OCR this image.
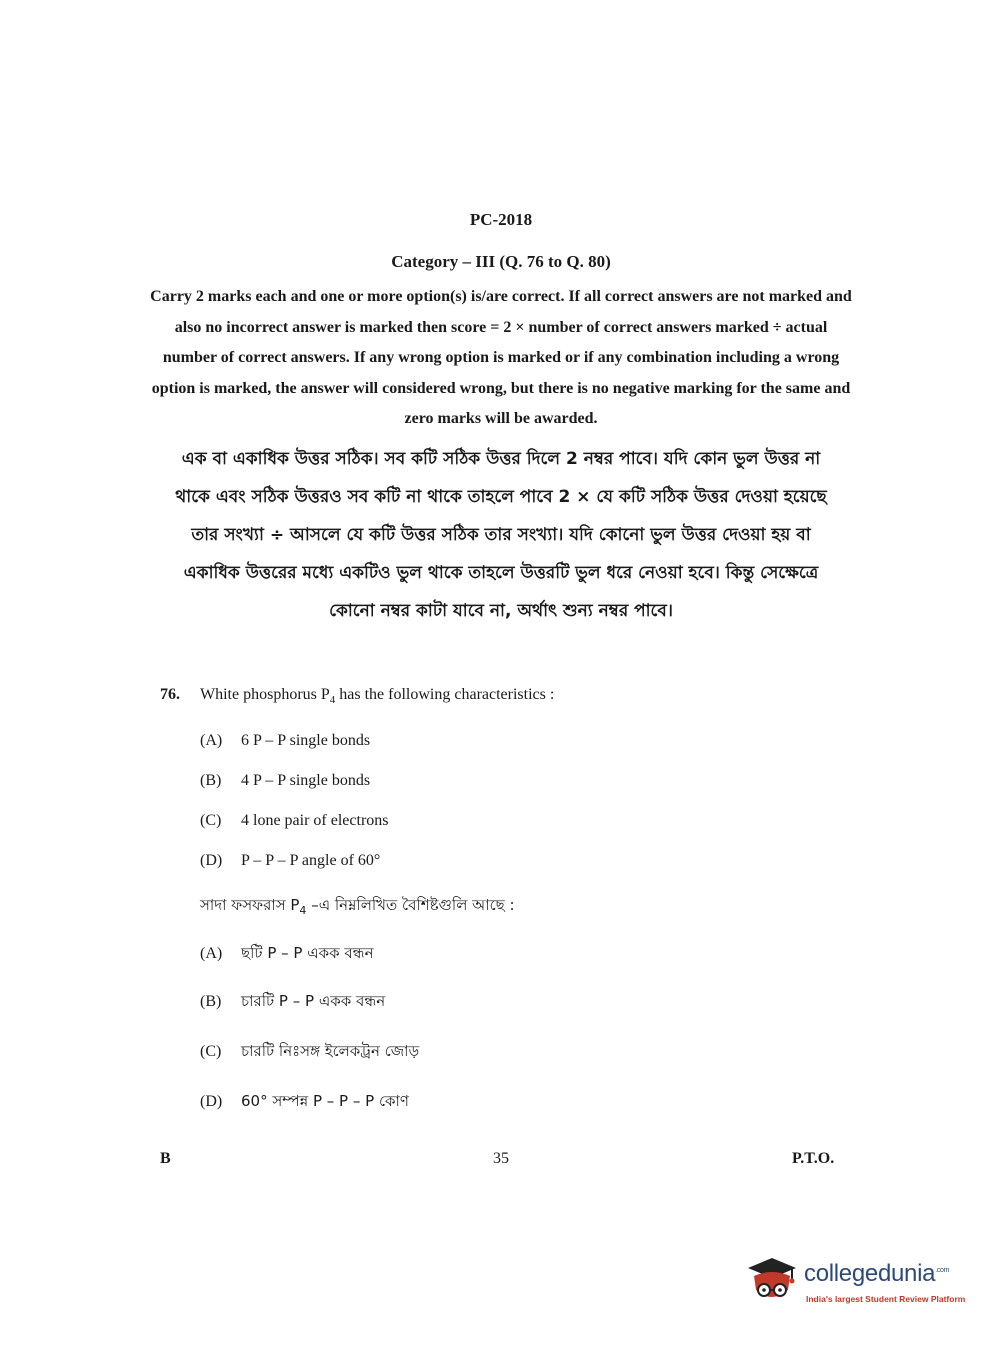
PC-2018
Category – III (Q. 76 to Q. 80)
Carry 2 marks each and one or more option(s) is/are correct. If all correct answers are not marked and also no incorrect answer is marked then score = 2 × number of correct answers marked ÷ actual number of correct answers. If any wrong option is marked or if any combination including a wrong option is marked, the answer will considered wrong, but there is no negative marking for the same and zero marks will be awarded.
এক বা একাধিক উত্তর সঠিক। সব কটি সঠিক উত্তর দিলে 2 নম্বর পাবে। যদি কোন ভুল উত্তর না থাকে এবং সঠিক উত্তরও সব কটি না থাকে তাহলে পাবে 2 × যে কটি সঠিক উত্তর দেওয়া হয়েছে তার সংখ্যা ÷ আসলে যে কটি উত্তর সঠিক তার সংখ্যা। যদি কোনো ভুল উত্তর দেওয়া হয় বা একাধিক উত্তরের মধ্যে একটিও ভুল থাকে তাহলে উত্তরটি ভুল ধরে নেওয়া হবে। কিন্তু সেক্ষেত্রে কোনো নম্বর কাটা যাবে না, অর্থাৎ শুন্য নম্বর পাবে।
76. White phosphorus $P_4$ has the following characteristics :
(A) 6 P – P single bonds
(B) 4 P – P single bonds
(C) 4 lone pair of electrons
(D) P – P – P angle of 60°
সাদা ফসফরাস $P_4$ –এ নিম্নলিখিত বৈশিষ্টগুলি আছে :
(A) ছটি P – P একক বন্ধন
(B) চারটি P – P একক বন্ধন
(C) চারটি নিঃসঙ্গ ইলেকট্রন জোড়
(D) 60° সম্পন্ন P – P – P কোণ
B	35	P.T.O.
collegedunia$^{.com}$
India's largest Student Review Platform
